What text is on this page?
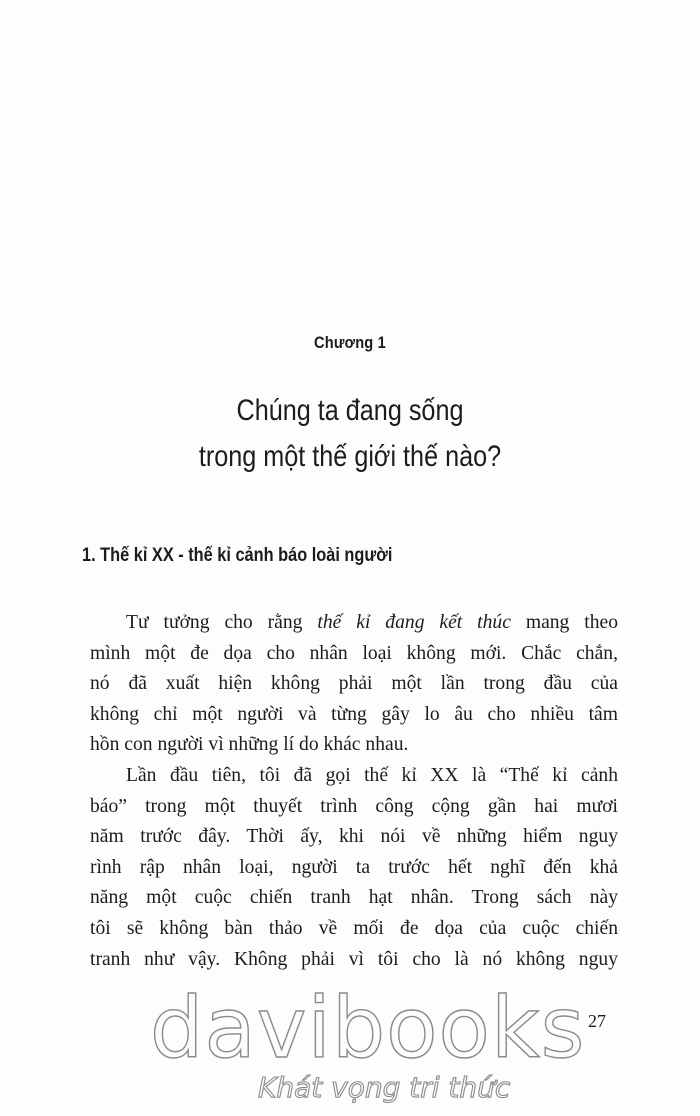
Chương 1
Chúng ta đang sống
trong một thế giới thế nào?
1. Thế kỉ XX - thế kỉ cảnh báo loài người
Tư tưởng cho rằng thế kỉ đang kết thúc mang theo
mình một đe dọa cho nhân loại không mới. Chắc chắn,
nó đã xuất hiện không phải một lần trong đầu của
không chỉ một người và từng gây lo âu cho nhiều tâm
hồn con người vì những lí do khác nhau.
Lần đầu tiên, tôi đã gọi thế kỉ XX là “Thế kỉ cảnh
báo” trong một thuyết trình công cộng gần hai mươi
năm trước đây. Thời ấy, khi nói về những hiểm nguy
rình rập nhân loại, người ta trước hết nghĩ đến khả
năng một cuộc chiến tranh hạt nhân. Trong sách này
tôi sẽ không bàn thảo về mối đe dọa của cuộc chiến
tranh như vậy. Không phải vì tôi cho là nó không nguy
27
davibooks
Khát vọng tri thức
